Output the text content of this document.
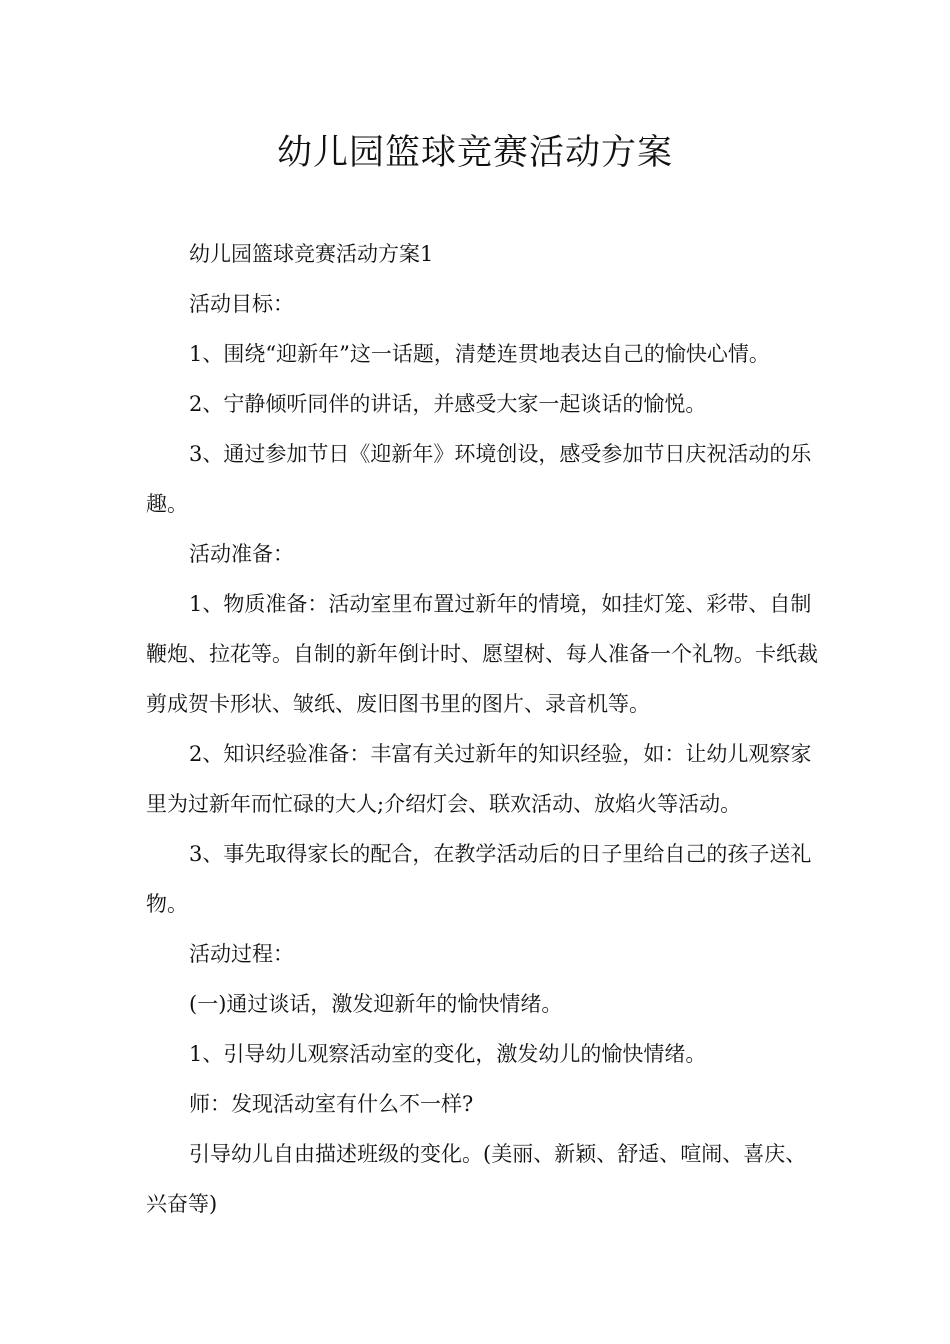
幼儿园篮球竞赛活动方案

幼儿园篮球竞赛活动方案1

活动目标：

1、围绕“迎新年”这一话题，清楚连贯地表达自己的愉快心情。

2、宁静倾听同伴的讲话，并感受大家一起谈话的愉悦。

3、通过参加节日《迎新年》环境创设，感受参加节日庆祝活动的乐趣。

活动准备：

1、物质准备：活动室里布置过新年的情境，如挂灯笼、彩带、自制鞭炮、拉花等。自制的新年倒计时、愿望树、每人准备一个礼物。卡纸裁剪成贺卡形状、皱纸、废旧图书里的图片、录音机等。

2、知识经验准备：丰富有关过新年的知识经验，如：让幼儿观察家里为过新年而忙碌的大人;介绍灯会、联欢活动、放焰火等活动。

3、事先取得家长的配合，在教学活动后的日子里给自己的孩子送礼物。

活动过程：

(一)通过谈话，激发迎新年的愉快情绪。

1、引导幼儿观察活动室的变化，激发幼儿的愉快情绪。

师：发现活动室有什么不一样?

引导幼儿自由描述班级的变化。(美丽、新颖、舒适、喧闹、喜庆、兴奋等)
